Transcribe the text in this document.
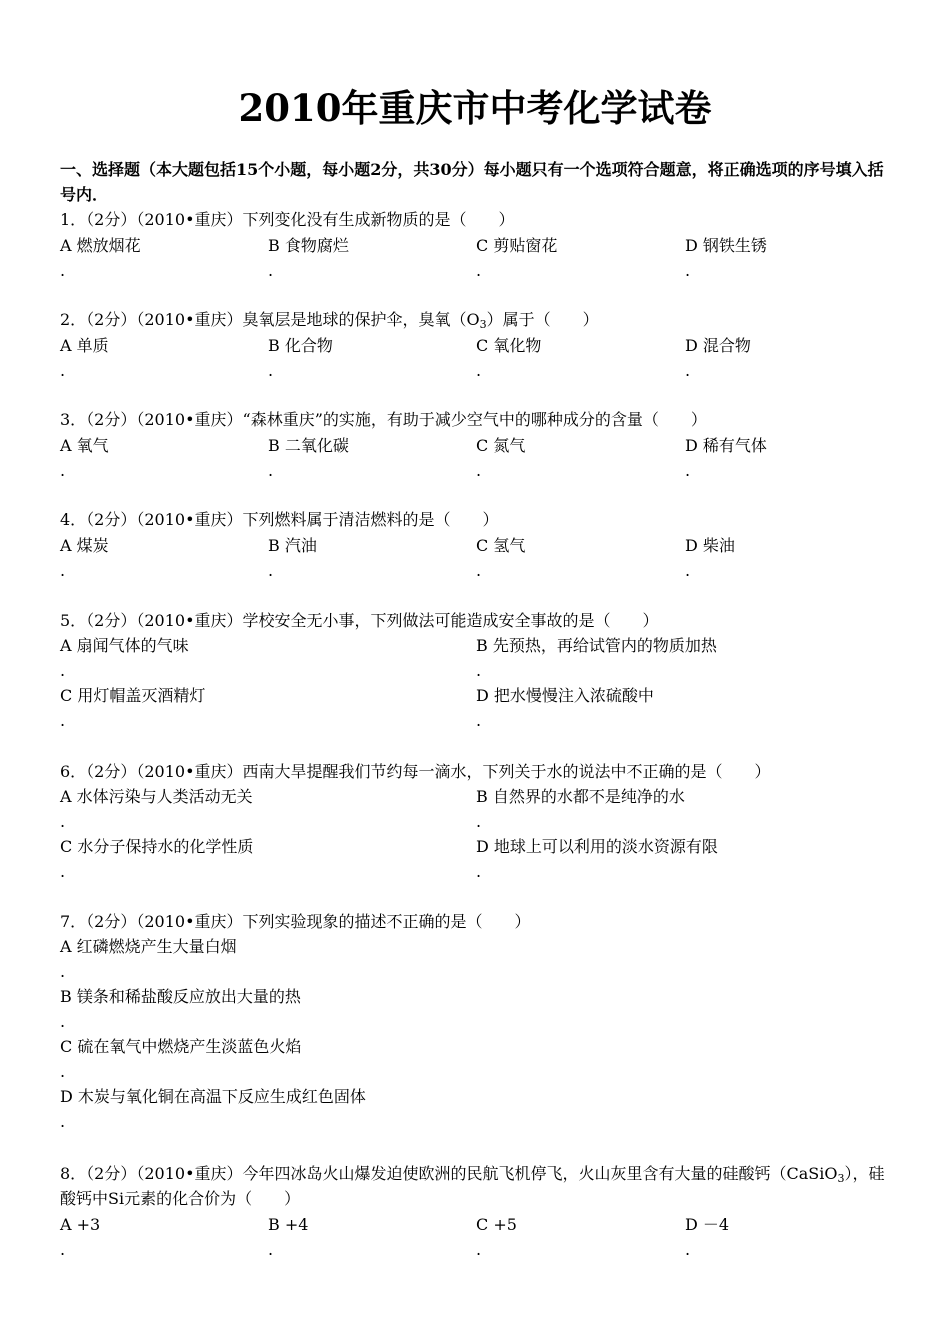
2010年重庆市中考化学试卷
一、选择题（本大题包括15个小题，每小题2分，共30分）每小题只有一个选项符合题意，将正确选项的序号填入括号内．
1．（2分）（2010•重庆）下列变化没有生成新物质的是（　　）
A 燃放烟花
.
B 食物腐烂
.
C 剪贴窗花
.
D 钢铁生锈
.
2．（2分）（2010•重庆）臭氧层是地球的保护伞，臭氧$(O_3)$属于（　　）
A 单质
.
B 化合物
.
C 氧化物
.
D 混合物
.
3．（2分）（2010•重庆）“森林重庆”的实施，有助于减少空气中的哪种成分的含量（　　）
A 氧气
.
B 二氧化碳
.
C 氮气
.
D 稀有气体
.
4．（2分）（2010•重庆）下列燃料属于清洁燃料的是（　　）
A 煤炭
.
B 汽油
.
C 氢气
.
D 柴油
.
5．（2分）（2010•重庆）学校安全无小事，下列做法可能造成安全事故的是（　　）
A 扇闻气体的气味
.
B 先预热，再给试管内的物质加热
.
C 用灯帽盖灭酒精灯
.
D 把水慢慢注入浓硫酸中
.
6．（2分）（2010•重庆）西南大旱提醒我们节约每一滴水，下列关于水的说法中不正确的是（　　）
A 水体污染与人类活动无关
.
B 自然界的水都不是纯净的水
.
C 水分子保持水的化学性质
.
D 地球上可以利用的淡水资源有限
.
7．（2分）（2010•重庆）下列实验现象的描述不正确的是（　　）
A 红磷燃烧产生大量白烟
.
B 镁条和稀盐酸反应放出大量的热
.
C 硫在氧气中燃烧产生淡蓝色火焰
.
D 木炭与氧化铜在高温下反应生成红色固体
.
8．（2分）（2010•重庆）今年四冰岛火山爆发迫使欧洲的民航飞机停飞，火山灰里含有大量的硅酸钙（CaSiO$_3$），硅酸钙中Si元素的化合价为（　　）
A +3
.
B +4
.
C +5
.
D －4
.
